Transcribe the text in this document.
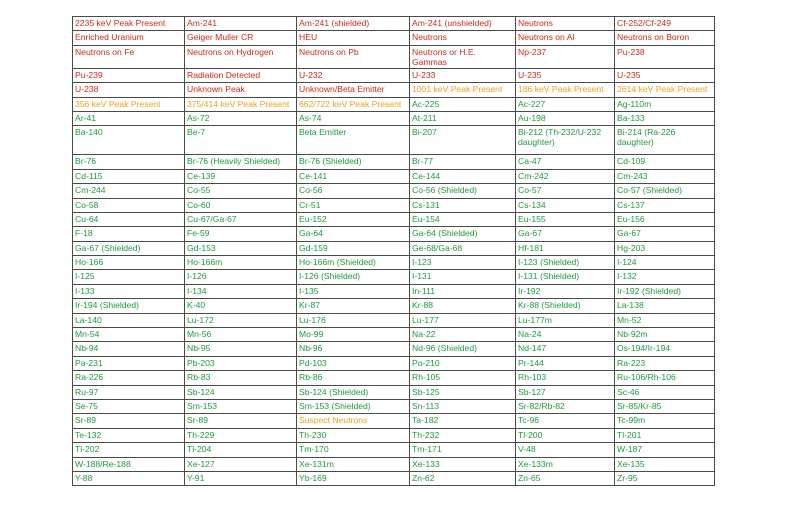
2235 keV Peak Present	Am-241	Am-241 (shielded)	Am-241 (unshielded)	Neutrons	Cf-252/Cf-249
Enriched Uranium	Geiger Muller CR	HEU	Neutrons	Neutrons on Al	Neutrons on Boron
Neutrons on Fe	Neutrons on Hydrogen	Neutrons on Pb	Neutrons or H.E. Gammas	Np-237	Pu-238
Pu-239	Radiation Detected	U-232	U-233	U-235	U-235
U-238	Unknown Peak	Unknown/Beta Emitter	1001 keV Peak Present	186 keV Peak Present	2614 keV Peak Present
356 keV Peak Present	375/414 keV Peak Present	662/722 keV Peak Present	Ac-225	Ac-227	Ag-110m
Ar-41	As-72	As-74	At-211	Au-198	Ba-133
Ba-140	Be-7	Beta Emitter	Bi-207	Bi-212 (Th-232/U-232 daughter)	Bi-214 (Ra-226 daughter)
Br-76	Br-76 (Heavily Shielded)	Br-76 (Shielded)	Br-77	Ca-47	Cd-109
Cd-115	Ce-139	Ce-141	Ce-144	Cm-242	Cm-243
Cm-244	Co-55	Co-56	Co-56 (Shielded)	Co-57	Co-57 (Shielded)
Co-58	Co-60	Cr-51	Cs-131	Cs-134	Cs-137
Cu-64	Cu-67/Ga-67	Eu-152	Eu-154	Eu-155	Eu-156
F-18	Fe-59	Ga-64	Ga-64 (Shielded)	Ga-67	Ga-67
Ga-67 (Shielded)	Gd-153	Gd-159	Ge-68/Ga-68	Hf-181	Hg-203
Ho-166	Ho-166m	Ho-166m (Shielded)	I-123	I-123 (Shielded)	I-124
I-125	I-126	I-126 (Shielded)	I-131	I-131 (Shielded)	I-132
I-133	I-134	I-135	In-111	Ir-192	Ir-192 (Shielded)
Ir-194 (Shielded)	K-40	Kr-87	Kr-88	Kr-88 (Shielded)	La-138
La-140	Lu-172	Lu-176	Lu-177	Lu-177m	Mn-52
Mn-54	Mn-56	Mo-99	Na-22	Na-24	Nb-92m
Nb-94	Nb-95	Nb-96	Nd-96 (Shielded)	Nd-147	Os-194/Ir-194
Pa-231	Pb-203	Pd-103	Po-210	Pr-144	Ra-223
Ra-226	Rb-83	Rb-86	Rh-105	Rh-103	Ru-106/Rh-106
Ru-97	Sb-124	Sb-124 (Shielded)	Sb-125	Sb-127	Sc-46
Se-75	Sm-153	Sm-153 (Shielded)	Sn-113	Sr-82/Rb-82	Sr-85/Kr-85
Sr-89	Sr-89	Suspect Neutrons	Ta-182	Tc-96	Tc-99m
Te-132	Th-229	Th-230	Th-232	Tl-200	Tl-201
Tl-202	Tl-204	Tm-170	Tm-171	V-48	W-187
W-188/Re-188	Xe-127	Xe-131m	Xe-133	Xe-133m	Xe-135
Y-88	Y-91	Yb-169	Zn-62	Zn-65	Zr-95
